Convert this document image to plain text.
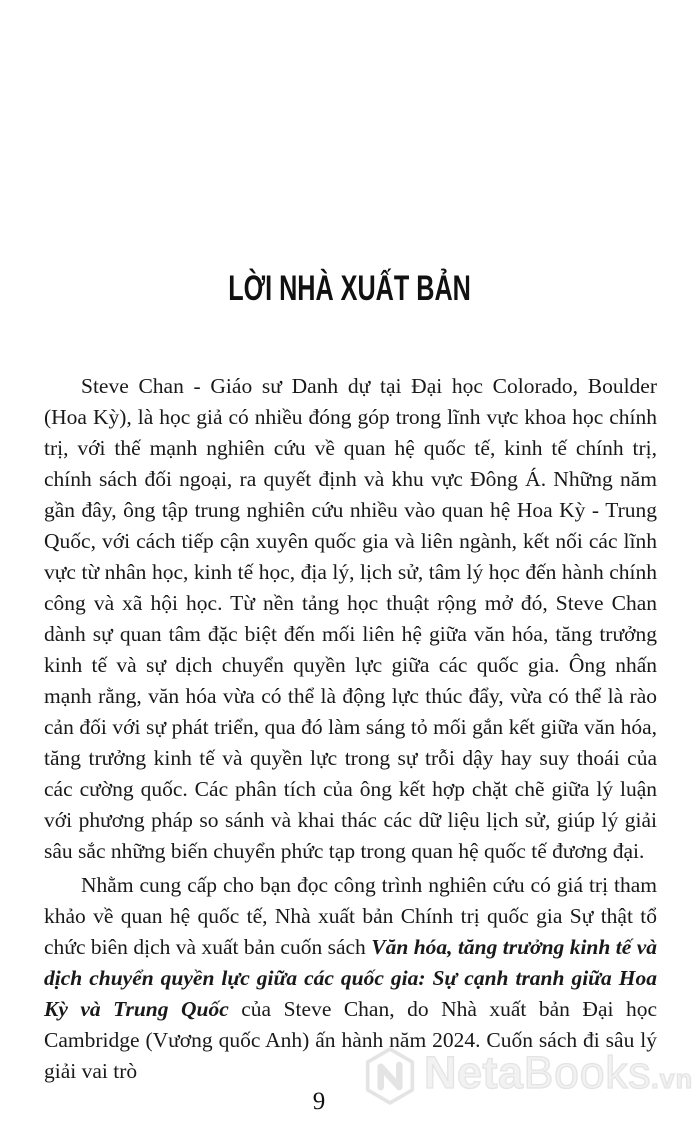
LỜI NHÀ XUẤT BẢN

Steve Chan - Giáo sư Danh dự tại Đại học Colorado, Boulder (Hoa Kỳ), là học giả có nhiều đóng góp trong lĩnh vực khoa học chính trị, với thế mạnh nghiên cứu về quan hệ quốc tế, kinh tế chính trị, chính sách đối ngoại, ra quyết định và khu vực Đông Á. Những năm gần đây, ông tập trung nghiên cứu nhiều vào quan hệ Hoa Kỳ - Trung Quốc, với cách tiếp cận xuyên quốc gia và liên ngành, kết nối các lĩnh vực từ nhân học, kinh tế học, địa lý, lịch sử, tâm lý học đến hành chính công và xã hội học. Từ nền tảng học thuật rộng mở đó, Steve Chan dành sự quan tâm đặc biệt đến mối liên hệ giữa văn hóa, tăng trưởng kinh tế và sự dịch chuyển quyền lực giữa các quốc gia. Ông nhấn mạnh rằng, văn hóa vừa có thể là động lực thúc đẩy, vừa có thể là rào cản đối với sự phát triển, qua đó làm sáng tỏ mối gắn kết giữa văn hóa, tăng trưởng kinh tế và quyền lực trong sự trỗi dậy hay suy thoái của các cường quốc. Các phân tích của ông kết hợp chặt chẽ giữa lý luận với phương pháp so sánh và khai thác các dữ liệu lịch sử, giúp lý giải sâu sắc những biến chuyển phức tạp trong quan hệ quốc tế đương đại.

Nhằm cung cấp cho bạn đọc công trình nghiên cứu có giá trị tham khảo về quan hệ quốc tế, Nhà xuất bản Chính trị quốc gia Sự thật tổ chức biên dịch và xuất bản cuốn sách Văn hóa, tăng trưởng kinh tế và dịch chuyển quyền lực giữa các quốc gia: Sự cạnh tranh giữa Hoa Kỳ và Trung Quốc của Steve Chan, do Nhà xuất bản Đại học Cambridge (Vương quốc Anh) ấn hành năm 2024. Cuốn sách đi sâu lý giải vai trò	NetaBooks.vn
9
